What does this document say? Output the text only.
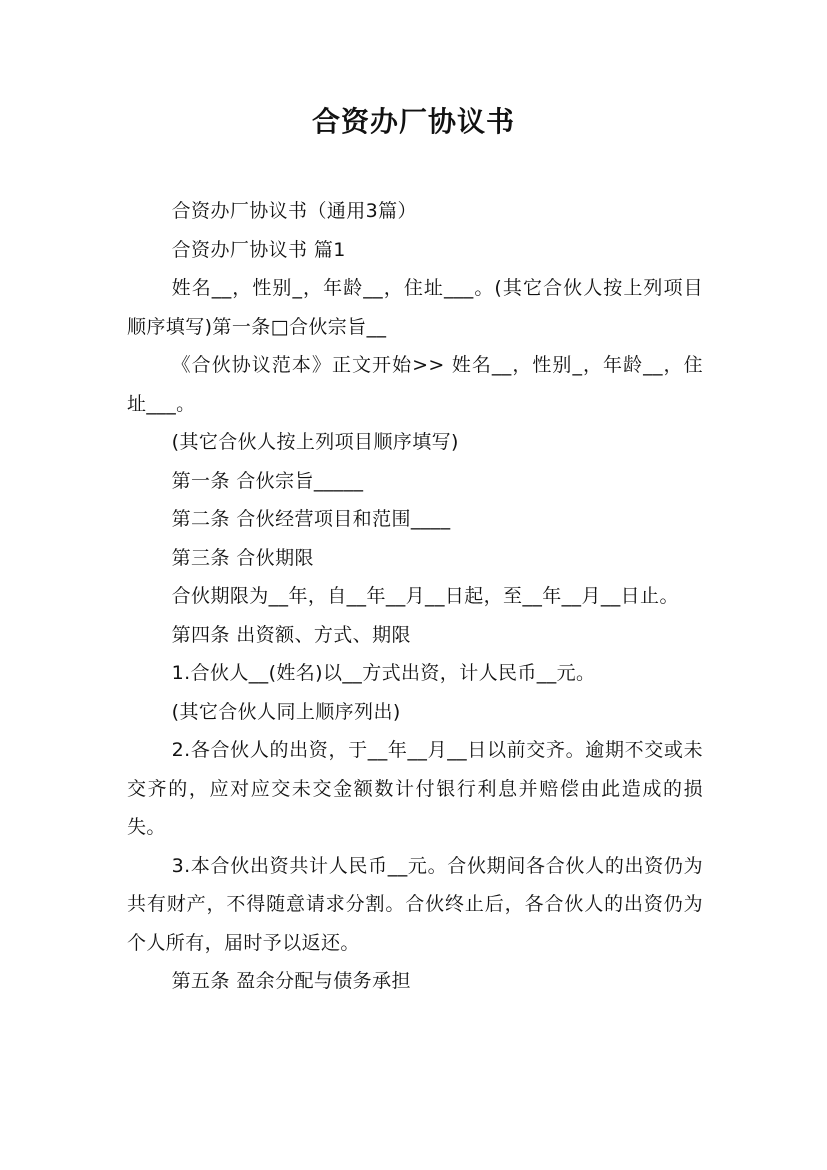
合资办厂协议书

合资办厂协议书（通用3篇）

合资办厂协议书 篇1

姓名__，性别_，年龄__，住址___。(其它合伙人按上列项目顺序填写)第一条□合伙宗旨__

《合伙协议范本》正文开始>> 姓名__，性别_，年龄__，住址___。

(其它合伙人按上列项目顺序填写)

第一条 合伙宗旨_____

第二条 合伙经营项目和范围____

第三条 合伙期限

合伙期限为__年，自__年__月__日起，至__年__月__日止。

第四条 出资额、方式、期限

1.合伙人__(姓名)以__方式出资，计人民币__元。

(其它合伙人同上顺序列出)

2.各合伙人的出资，于__年__月__日以前交齐。逾期不交或未交齐的，应对应交未交金额数计付银行利息并赔偿由此造成的损失。

3.本合伙出资共计人民币__元。合伙期间各合伙人的出资仍为共有财产，不得随意请求分割。合伙终止后，各合伙人的出资仍为个人所有，届时予以返还。

第五条 盈余分配与债务承担
